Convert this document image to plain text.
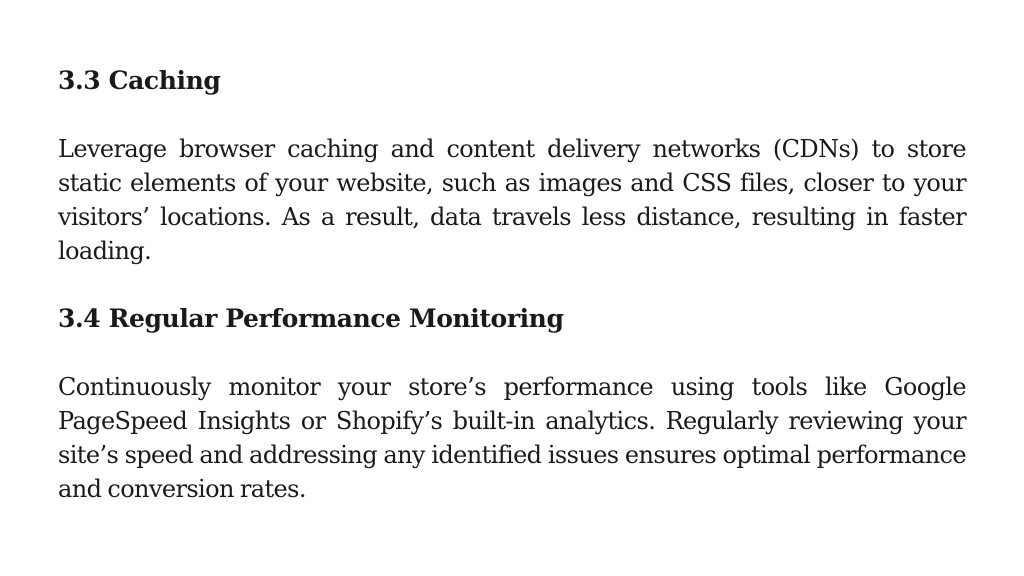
3.3 Caching

Leverage browser caching and content delivery networks (CDNs) to store static elements of your website, such as images and CSS files, closer to your visitors’ locations. As a result, data travels less distance, resulting in faster loading.

3.4 Regular Performance Monitoring

Continuously monitor your store’s performance using tools like Google PageSpeed Insights or Shopify’s built-in analytics. Regularly reviewing your site’s speed and addressing any identified issues ensures optimal performance and conversion rates.
